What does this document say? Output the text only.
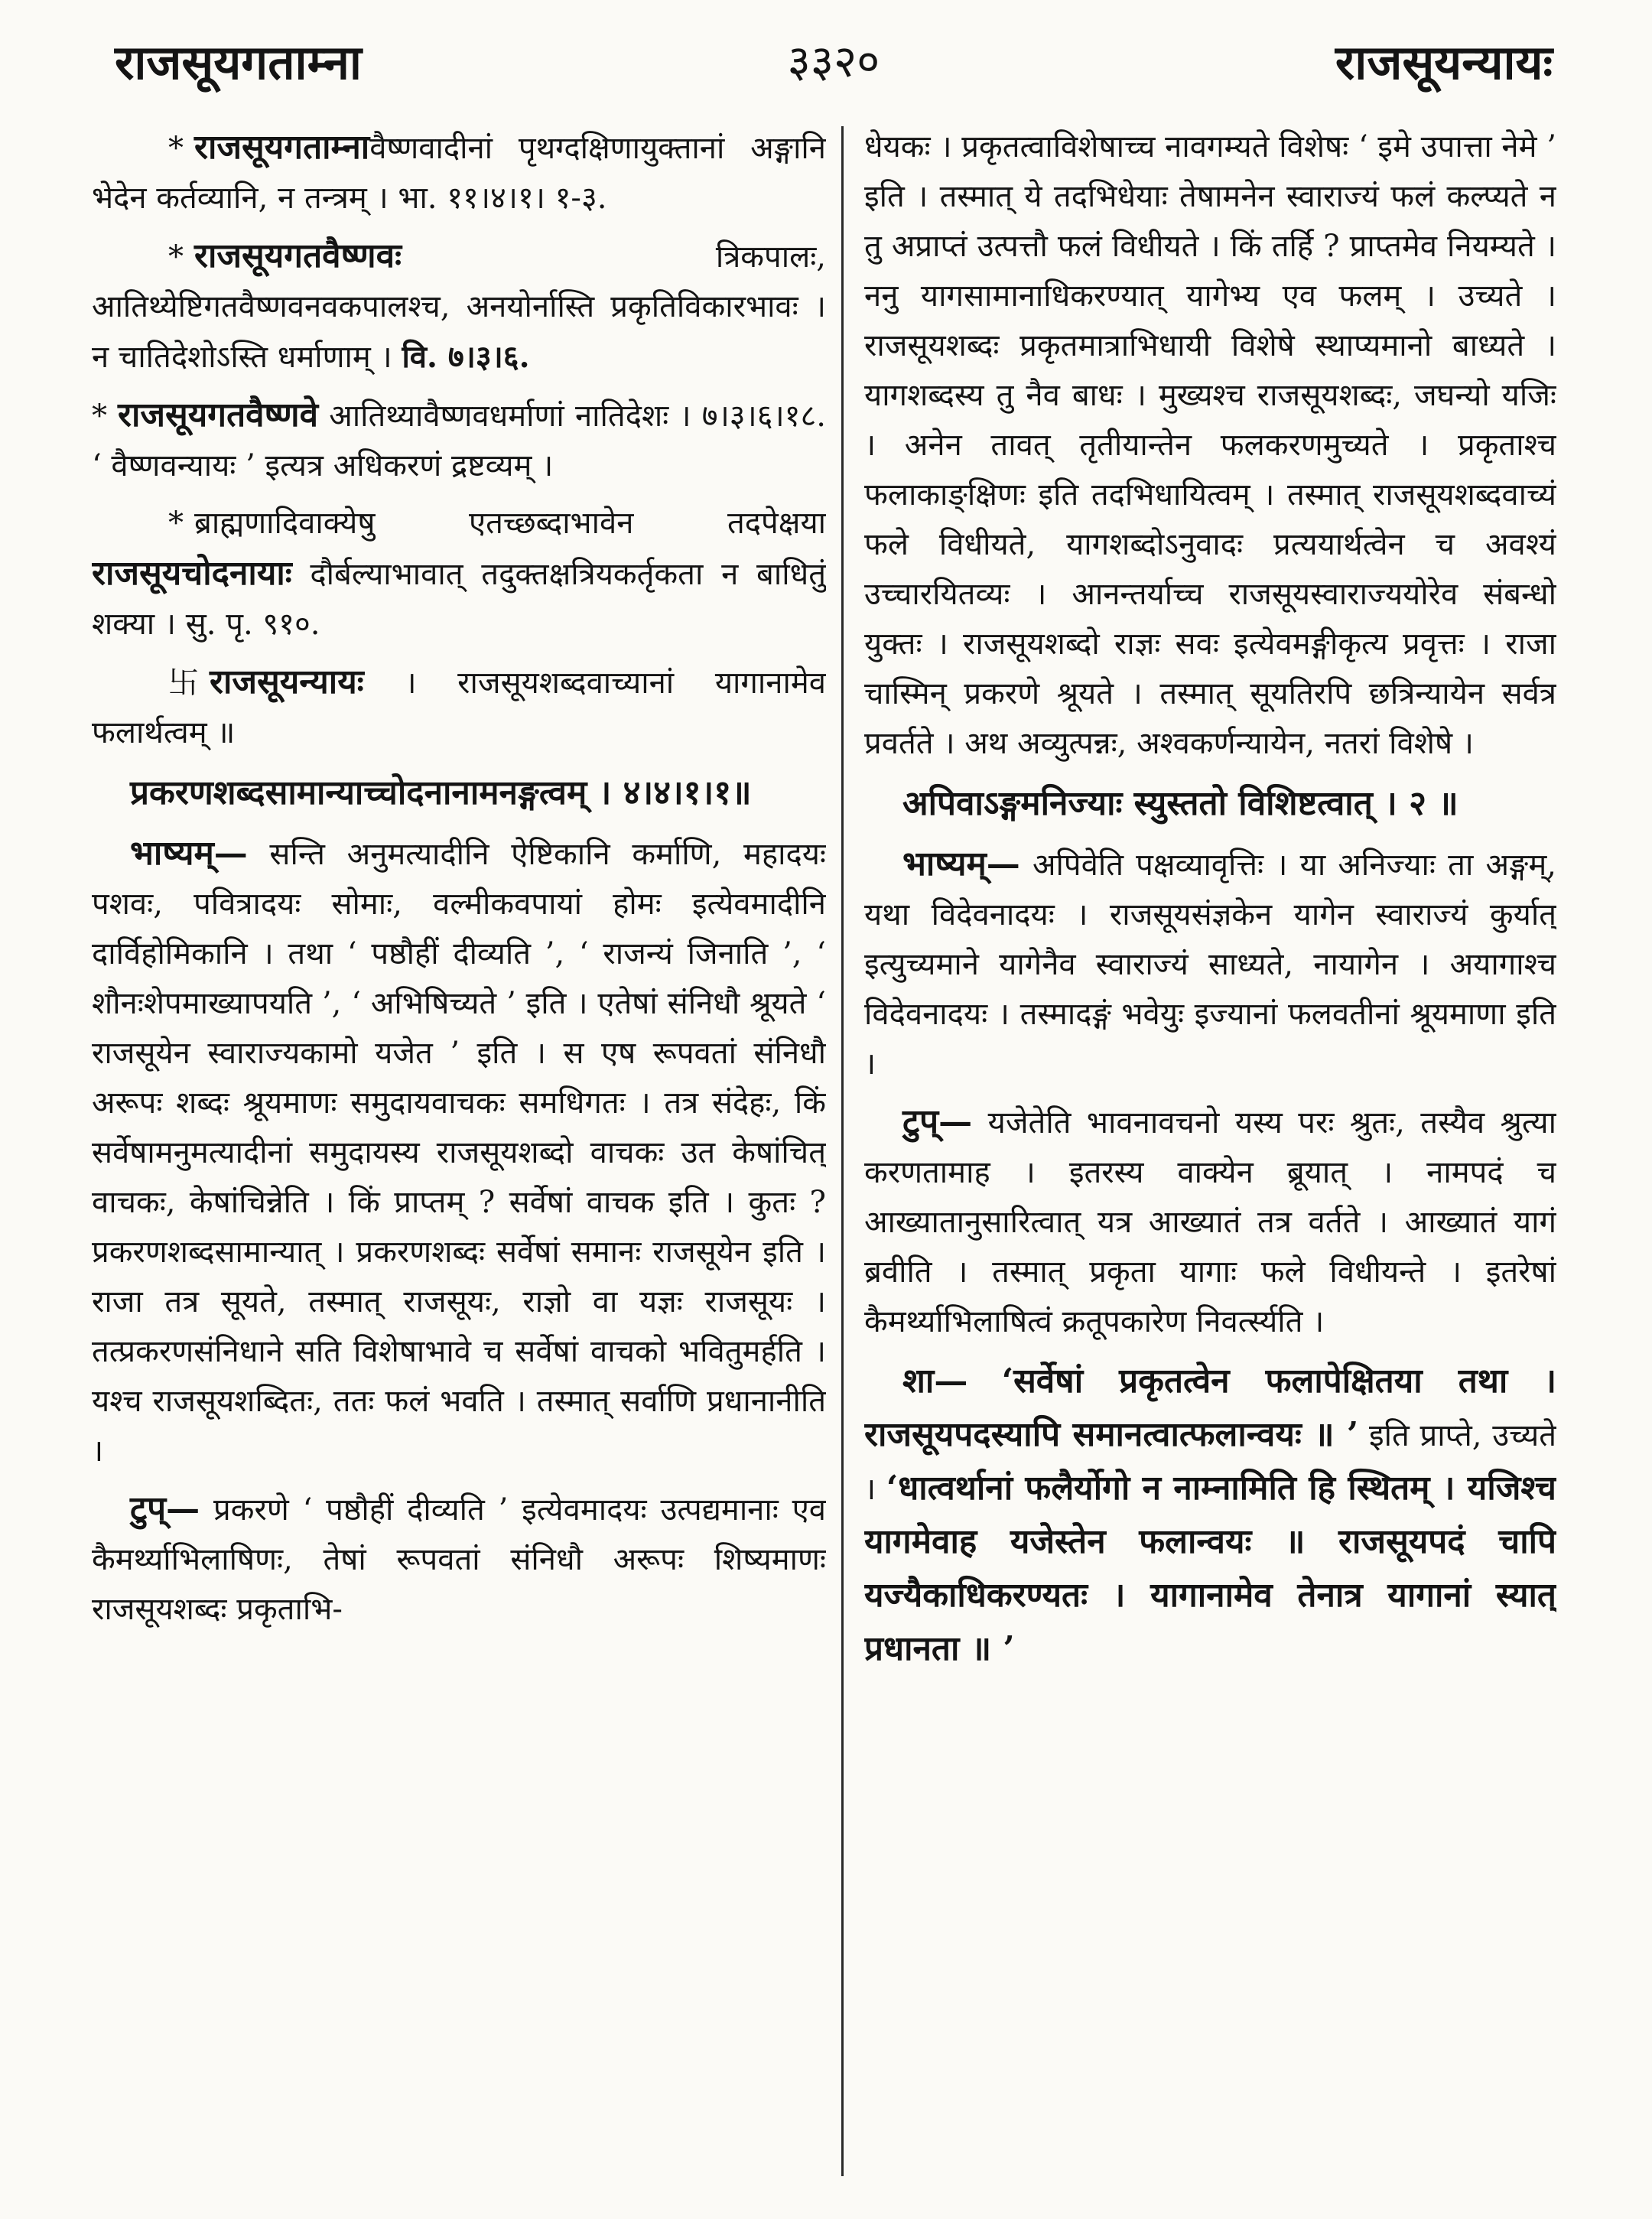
राजसूयगताम्ना	३३२०	राजसूयन्यायः

* राजसूयगताम्नावैष्णवादीनां पृथग्दक्षिणायुक्तानां अङ्गानि भेदेन कर्तव्यानि, न तन्त्रम् । भा. ११।४।१। १-३.

* राजसूयगतवैष्णवः	त्रिकपालः, आतिथ्येष्टिगतवैष्णवनवकपालश्च, अनयोर्नास्ति प्रकृतिविकारभावः । न चातिदेशोऽस्ति धर्माणाम् । वि. ७।३।६.

* राजसूयगतवैष्णवे आतिथ्यावैष्णवधर्माणां नातिदेशः । ७।३।६।१८. ‘ वैष्णवन्यायः ’ इत्यत्र अधिकरणं द्रष्टव्यम् ।

* ब्राह्मणादिवाक्येषु एतच्छब्दाभावेन तदपेक्षया राजसूयचोदनायाः दौर्बल्याभावात् तदुक्तक्षत्रियकर्तृकता न बाधितुं शक्या । सु. पृ. ९१०.

卐 राजसूयन्यायः । राजसूयशब्दवाच्यानां यागानामेव फलार्थत्वम् ॥

प्रकरणशब्दसामान्याच्चोदनानामनङ्गत्वम् । ४।४।१।१॥

भाष्यम्— सन्ति अनुमत्यादीनि ऐष्टिकानि कर्माणि, महादयः पशवः, पवित्रादयः सोमाः, वल्मीकवपायां होमः इत्येवमादीनि दार्विहोमिकानि । तथा ‘ पष्ठौहीं दीव्यति ’, ‘ राजन्यं जिनाति ’, ‘ शौनःशेपमाख्यापयति ’, ‘ अभिषिच्यते ’ इति । एतेषां संनिधौ श्रूयते ‘ राजसूयेन स्वाराज्यकामो यजेत ’ इति । स एष रूपवतां संनिधौ अरूपः शब्दः श्रूयमाणः समुदायवाचकः समधिगतः । तत्र संदेहः, किं सर्वेषामनुमत्यादीनां समुदायस्य राजसूयशब्दो वाचकः उत केषांचित् वाचकः, केषांचिन्नेति । किं प्राप्तम् ? सर्वेषां वाचक इति । कुतः ? प्रकरणशब्दसामान्यात् । प्रकरणशब्दः सर्वेषां समानः राजसूयेन इति । राजा तत्र सूयते, तस्मात् राजसूयः, राज्ञो वा यज्ञः राजसूयः । तत्प्रकरणसंनिधाने सति विशेषाभावे च सर्वेषां वाचको भवितुमर्हति । यश्च राजसूयशब्दितः, ततः फलं भवति । तस्मात् सर्वाणि प्रधानानीति ।

टुप्— प्रकरणे ‘ पष्ठौहीं दीव्यति ’ इत्येवमादयः उत्पद्यमानाः एव कैमर्थ्याभिलाषिणः, तेषां रूपवतां संनिधौ अरूपः शिष्यमाणः राजसूयशब्दः प्रकृताभि-

धेयकः । प्रकृतत्वाविशेषाच्च नावगम्यते विशेषः ‘ इमे उपात्ता नेमे ’ इति । तस्मात् ये तदभिधेयाः तेषामनेन स्वाराज्यं फलं कल्प्यते न तु अप्राप्तं उत्पत्तौ फलं विधीयते । किं तर्हि ? प्राप्तमेव नियम्यते । ननु यागसामानाधिकरण्यात् यागेभ्य एव फलम् । उच्यते । राजसूयशब्दः प्रकृतमात्राभिधायी विशेषे स्थाप्यमानो बाध्यते । यागशब्दस्य तु नैव बाधः । मुख्यश्च राजसूयशब्दः, जघन्यो यजिः । अनेन तावत् तृतीयान्तेन फलकरणमुच्यते । प्रकृताश्च फलाकाङ्क्षिणः इति तदभिधायित्वम् । तस्मात् राजसूयशब्दवाच्यं फले विधीयते, यागशब्दोऽनुवादः प्रत्ययार्थत्वेन च अवश्यं उच्चारयितव्यः । आनन्तर्याच्च राजसूयस्वाराज्ययोरेव संबन्धो युक्तः । राजसूयशब्दो राज्ञः सवः इत्येवमङ्गीकृत्य प्रवृत्तः । राजा चास्मिन् प्रकरणे श्रूयते । तस्मात् सूयतिरपि छत्रिन्यायेन सर्वत्र प्रवर्तते । अथ अव्युत्पन्नः, अश्वकर्णन्यायेन, नतरां विशेषे ।

अपिवाऽङ्गमनिज्याः स्युस्ततो विशिष्टत्वात् । २ ॥

भाष्यम्— अपिवेति पक्षव्यावृत्तिः । या अनिज्याः ता अङ्गम्, यथा विदेवनादयः । राजसूयसंज्ञकेन यागेन स्वाराज्यं कुर्यात् इत्युच्यमाने यागेनैव स्वाराज्यं साध्यते, नायागेन । अयागाश्च विदेवनादयः । तस्मादङ्गं भवेयुः इज्यानां फलवतीनां श्रूयमाणा इति ।

टुप्— यजेतेति भावनावचनो यस्य परः श्रुतः, तस्यैव श्रुत्या करणतामाह । इतरस्य वाक्येन ब्रूयात् । नामपदं च आख्यातानुसारित्वात् यत्र आख्यातं तत्र वर्तते । आख्यातं यागं ब्रवीति । तस्मात् प्रकृता यागाः फले विधीयन्ते । इतरेषां कैमर्थ्याभिलाषित्वं क्रतूपकारेण निवर्त्स्यति ।

शा— ‘सर्वेषां प्रकृतत्वेन फलापेक्षितया तथा । राजसूयपदस्यापि समानत्वात्फलान्वयः ॥ ’ इति प्राप्ते, उच्यते । ‘धात्वर्थानां फलैर्योगो न नाम्नामिति हि स्थितम् । यजिश्च यागमेवाह यजेस्तेन फलान्वयः ॥ राजसूयपदं चापि यज्यैकाधिकरण्यतः । यागानामेव तेनात्र यागानां स्यात् प्रधानता ॥ ’
